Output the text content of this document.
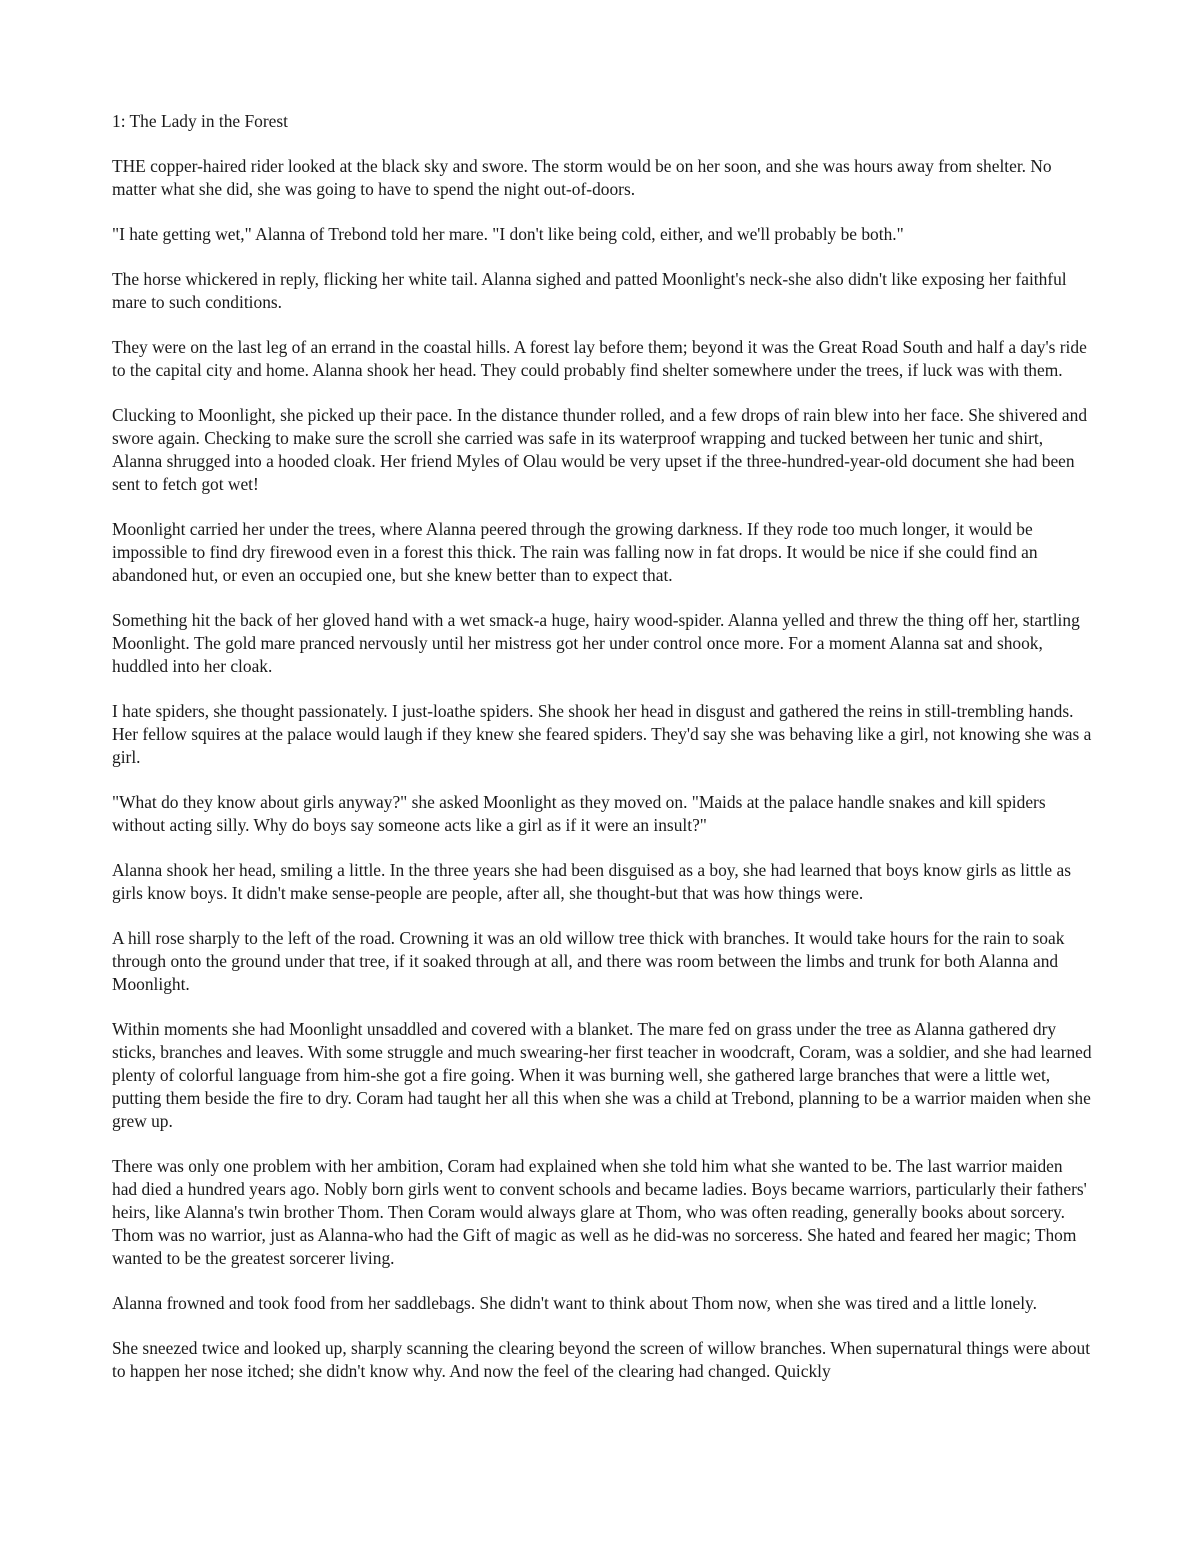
1: The Lady in the Forest

THE copper-haired rider looked at the black sky and swore. The storm would be on her soon, and she was hours away from shelter. No matter what she did, she was going to have to spend the night out-of-doors.

"I hate getting wet," Alanna of Trebond told her mare. "I don't like being cold, either, and we'll probably be both."

The horse whickered in reply, flicking her white tail. Alanna sighed and patted Moonlight's neck-she also didn't like exposing her faithful mare to such conditions.

They were on the last leg of an errand in the coastal hills. A forest lay before them; beyond it was the Great Road South and half a day's ride to the capital city and home. Alanna shook her head. They could probably find shelter somewhere under the trees, if luck was with them.

Clucking to Moonlight, she picked up their pace. In the distance thunder rolled, and a few drops of rain blew into her face. She shivered and swore again. Checking to make sure the scroll she carried was safe in its waterproof wrapping and tucked between her tunic and shirt, Alanna shrugged into a hooded cloak. Her friend Myles of Olau would be very upset if the three-hundred-year-old document she had been sent to fetch got wet!

Moonlight carried her under the trees, where Alanna peered through the growing darkness. If they rode too much longer, it would be impossible to find dry firewood even in a forest this thick. The rain was falling now in fat drops. It would be nice if she could find an abandoned hut, or even an occupied one, but she knew better than to expect that.

Something hit the back of her gloved hand with a wet smack-a huge, hairy wood-spider. Alanna yelled and threw the thing off her, startling Moonlight. The gold mare pranced nervously until her mistress got her under control once more. For a moment Alanna sat and shook, huddled into her cloak.

I hate spiders, she thought passionately. I just-loathe spiders. She shook her head in disgust and gathered the reins in still-trembling hands. Her fellow squires at the palace would laugh if they knew she feared spiders. They'd say she was behaving like a girl, not knowing she was a girl.

"What do they know about girls anyway?" she asked Moonlight as they moved on. "Maids at the palace handle snakes and kill spiders without acting silly. Why do boys say someone acts like a girl as if it were an insult?"

Alanna shook her head, smiling a little. In the three years she had been disguised as a boy, she had learned that boys know girls as little as girls know boys. It didn't make sense-people are people, after all, she thought-but that was how things were.

A hill rose sharply to the left of the road. Crowning it was an old willow tree thick with branches. It would take hours for the rain to soak through onto the ground under that tree, if it soaked through at all, and there was room between the limbs and trunk for both Alanna and Moonlight.

Within moments she had Moonlight unsaddled and covered with a blanket. The mare fed on grass under the tree as Alanna gathered dry sticks, branches and leaves. With some struggle and much swearing-her first teacher in woodcraft, Coram, was a soldier, and she had learned plenty of colorful language from him-she got a fire going. When it was burning well, she gathered large branches that were a little wet, putting them beside the fire to dry. Coram had taught her all this when she was a child at Trebond, planning to be a warrior maiden when she grew up.

There was only one problem with her ambition, Coram had explained when she told him what she wanted to be. The last warrior maiden had died a hundred years ago. Nobly born girls went to convent schools and became ladies. Boys became warriors, particularly their fathers' heirs, like Alanna's twin brother Thom. Then Coram would always glare at Thom, who was often reading, generally books about sorcery. Thom was no warrior, just as Alanna-who had the Gift of magic as well as he did-was no sorceress. She hated and feared her magic; Thom wanted to be the greatest sorcerer living.

Alanna frowned and took food from her saddlebags. She didn't want to think about Thom now, when she was tired and a little lonely.

She sneezed twice and looked up, sharply scanning the clearing beyond the screen of willow branches. When supernatural things were about to happen her nose itched; she didn't know why. And now the feel of the clearing had changed. Quickly
